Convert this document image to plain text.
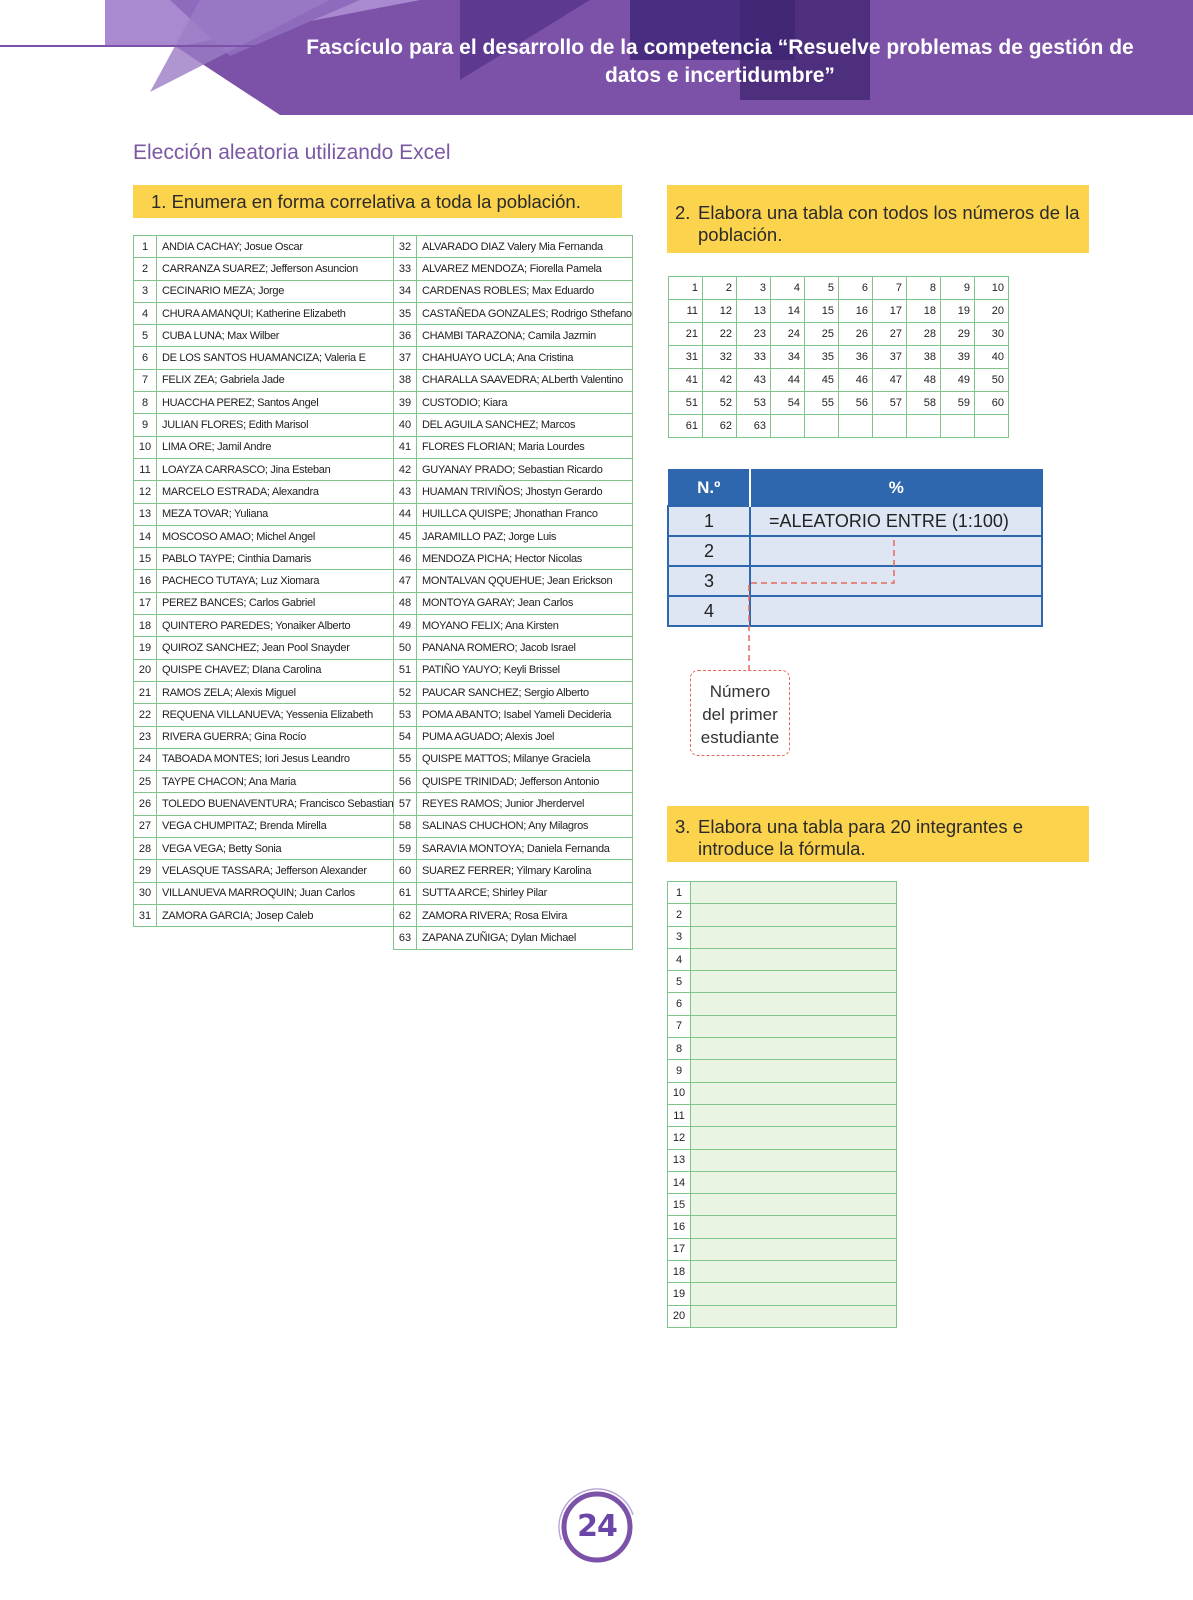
Fascículo para el desarrollo de la competencia “Resuelve problemas de gestión de datos e incertidumbre”
Elección aleatoria utilizando Excel
1. Enumera en forma correlativa a toda la población.
2. Elabora una tabla con todos los números de la población.
3. Elabora una tabla para 20 integrantes e introduce la fórmula.
1	ANDIA CACHAY; Josue Oscar
2	CARRANZA SUAREZ; Jefferson Asuncion
3	CECINARIO MEZA; Jorge
4	CHURA AMANQUI; Katherine Elizabeth
5	CUBA LUNA; Max Wilber
6	DE LOS SANTOS HUAMANCIZA; Valeria E
7	FELIX ZEA; Gabriela Jade
8	HUACCHA PEREZ; Santos Angel
9	JULIAN FLORES; Edith Marisol
10	LIMA ORE; Jamil Andre
11	LOAYZA CARRASCO; Jina Esteban
12	MARCELO ESTRADA; Alexandra
13	MEZA TOVAR; Yuliana
14	MOSCOSO AMAO; Michel Angel
15	PABLO TAYPE; Cinthia Damaris
16	PACHECO TUTAYA; Luz Xiomara
17	PEREZ BANCES; Carlos Gabriel
18	QUINTERO PAREDES; Yonaiker Alberto
19	QUIROZ SANCHEZ; Jean Pool Snayder
20	QUISPE CHAVEZ; DIana Carolina
21	RAMOS ZELA; Alexis Miguel
22	REQUENA VILLANUEVA; Yessenia Elizabeth
23	RIVERA GUERRA; Gina Rocío
24	TABOADA MONTES; Iori Jesus Leandro
25	TAYPE CHACON; Ana Maria
26	TOLEDO BUENAVENTURA; Francisco Sebastian
27	VEGA CHUMPITAZ; Brenda Mirella
28	VEGA VEGA; Betty Sonia
29	VELASQUE TASSARA; Jefferson Alexander
30	VILLANUEVA MARROQUIN; Juan Carlos
31	ZAMORA GARCIA; Josep Caleb
32	ALVARADO DIAZ Valery Mia Fernanda
33	ALVAREZ MENDOZA; Fiorella Pamela
34	CARDENAS ROBLES; Max Eduardo
35	CASTAÑEDA GONZALES; Rodrigo Sthefano
36	CHAMBI TARAZONA; Camila Jazmin
37	CHAHUAYO UCLA; Ana Cristina
38	CHARALLA SAAVEDRA; ALberth Valentino
39	CUSTODIO; Kiara
40	DEL AGUILA SANCHEZ; Marcos
41	FLORES FLORIAN; Maria Lourdes
42	GUYANAY PRADO; Sebastian Ricardo
43	HUAMAN TRIVIÑOS; Jhostyn Gerardo
44	HUILLCA QUISPE; Jhonathan Franco
45	JARAMILLO PAZ; Jorge Luis
46	MENDOZA PICHA; Hector Nicolas
47	MONTALVAN QQUEHUE; Jean Erickson
48	MONTOYA GARAY; Jean Carlos
49	MOYANO FELIX; Ana Kirsten
50	PANANA ROMERO; Jacob Israel
51	PATIÑO YAUYO; Keyli Brissel
52	PAUCAR SANCHEZ; Sergio Alberto
53	POMA ABANTO; Isabel Yameli Decideria
54	PUMA AGUADO; Alexis Joel
55	QUISPE MATTOS; Milanye Graciela
56	QUISPE TRINIDAD; Jefferson Antonio
57	REYES RAMOS; Junior Jherdervel
58	SALINAS CHUCHON; Any Milagros
59	SARAVIA MONTOYA; Daniela Fernanda
60	SUAREZ FERRER; Yilmary Karolina
61	SUTTA ARCE; Shirley Pilar
62	ZAMORA RIVERA; Rosa Elvira
63	ZAPANA ZUÑIGA; Dylan Michael
1	2	3	4	5	6	7	8	9	10
11	12	13	14	15	16	17	18	19	20
21	22	23	24	25	26	27	28	29	30
31	32	33	34	35	36	37	38	39	40
41	42	43	44	45	46	47	48	49	50
51	52	53	54	55	56	57	58	59	60
61	62	63							
N.º	%
1	=ALEATORIO ENTRE (1:100)
2	
3	
4	
Número
del primer
estudiante
1	
2	
3	
4	
5	
6	
7	
8	
9	
10	
11	
12	
13	
14	
15	
16	
17	
18	
19	
20	
24
